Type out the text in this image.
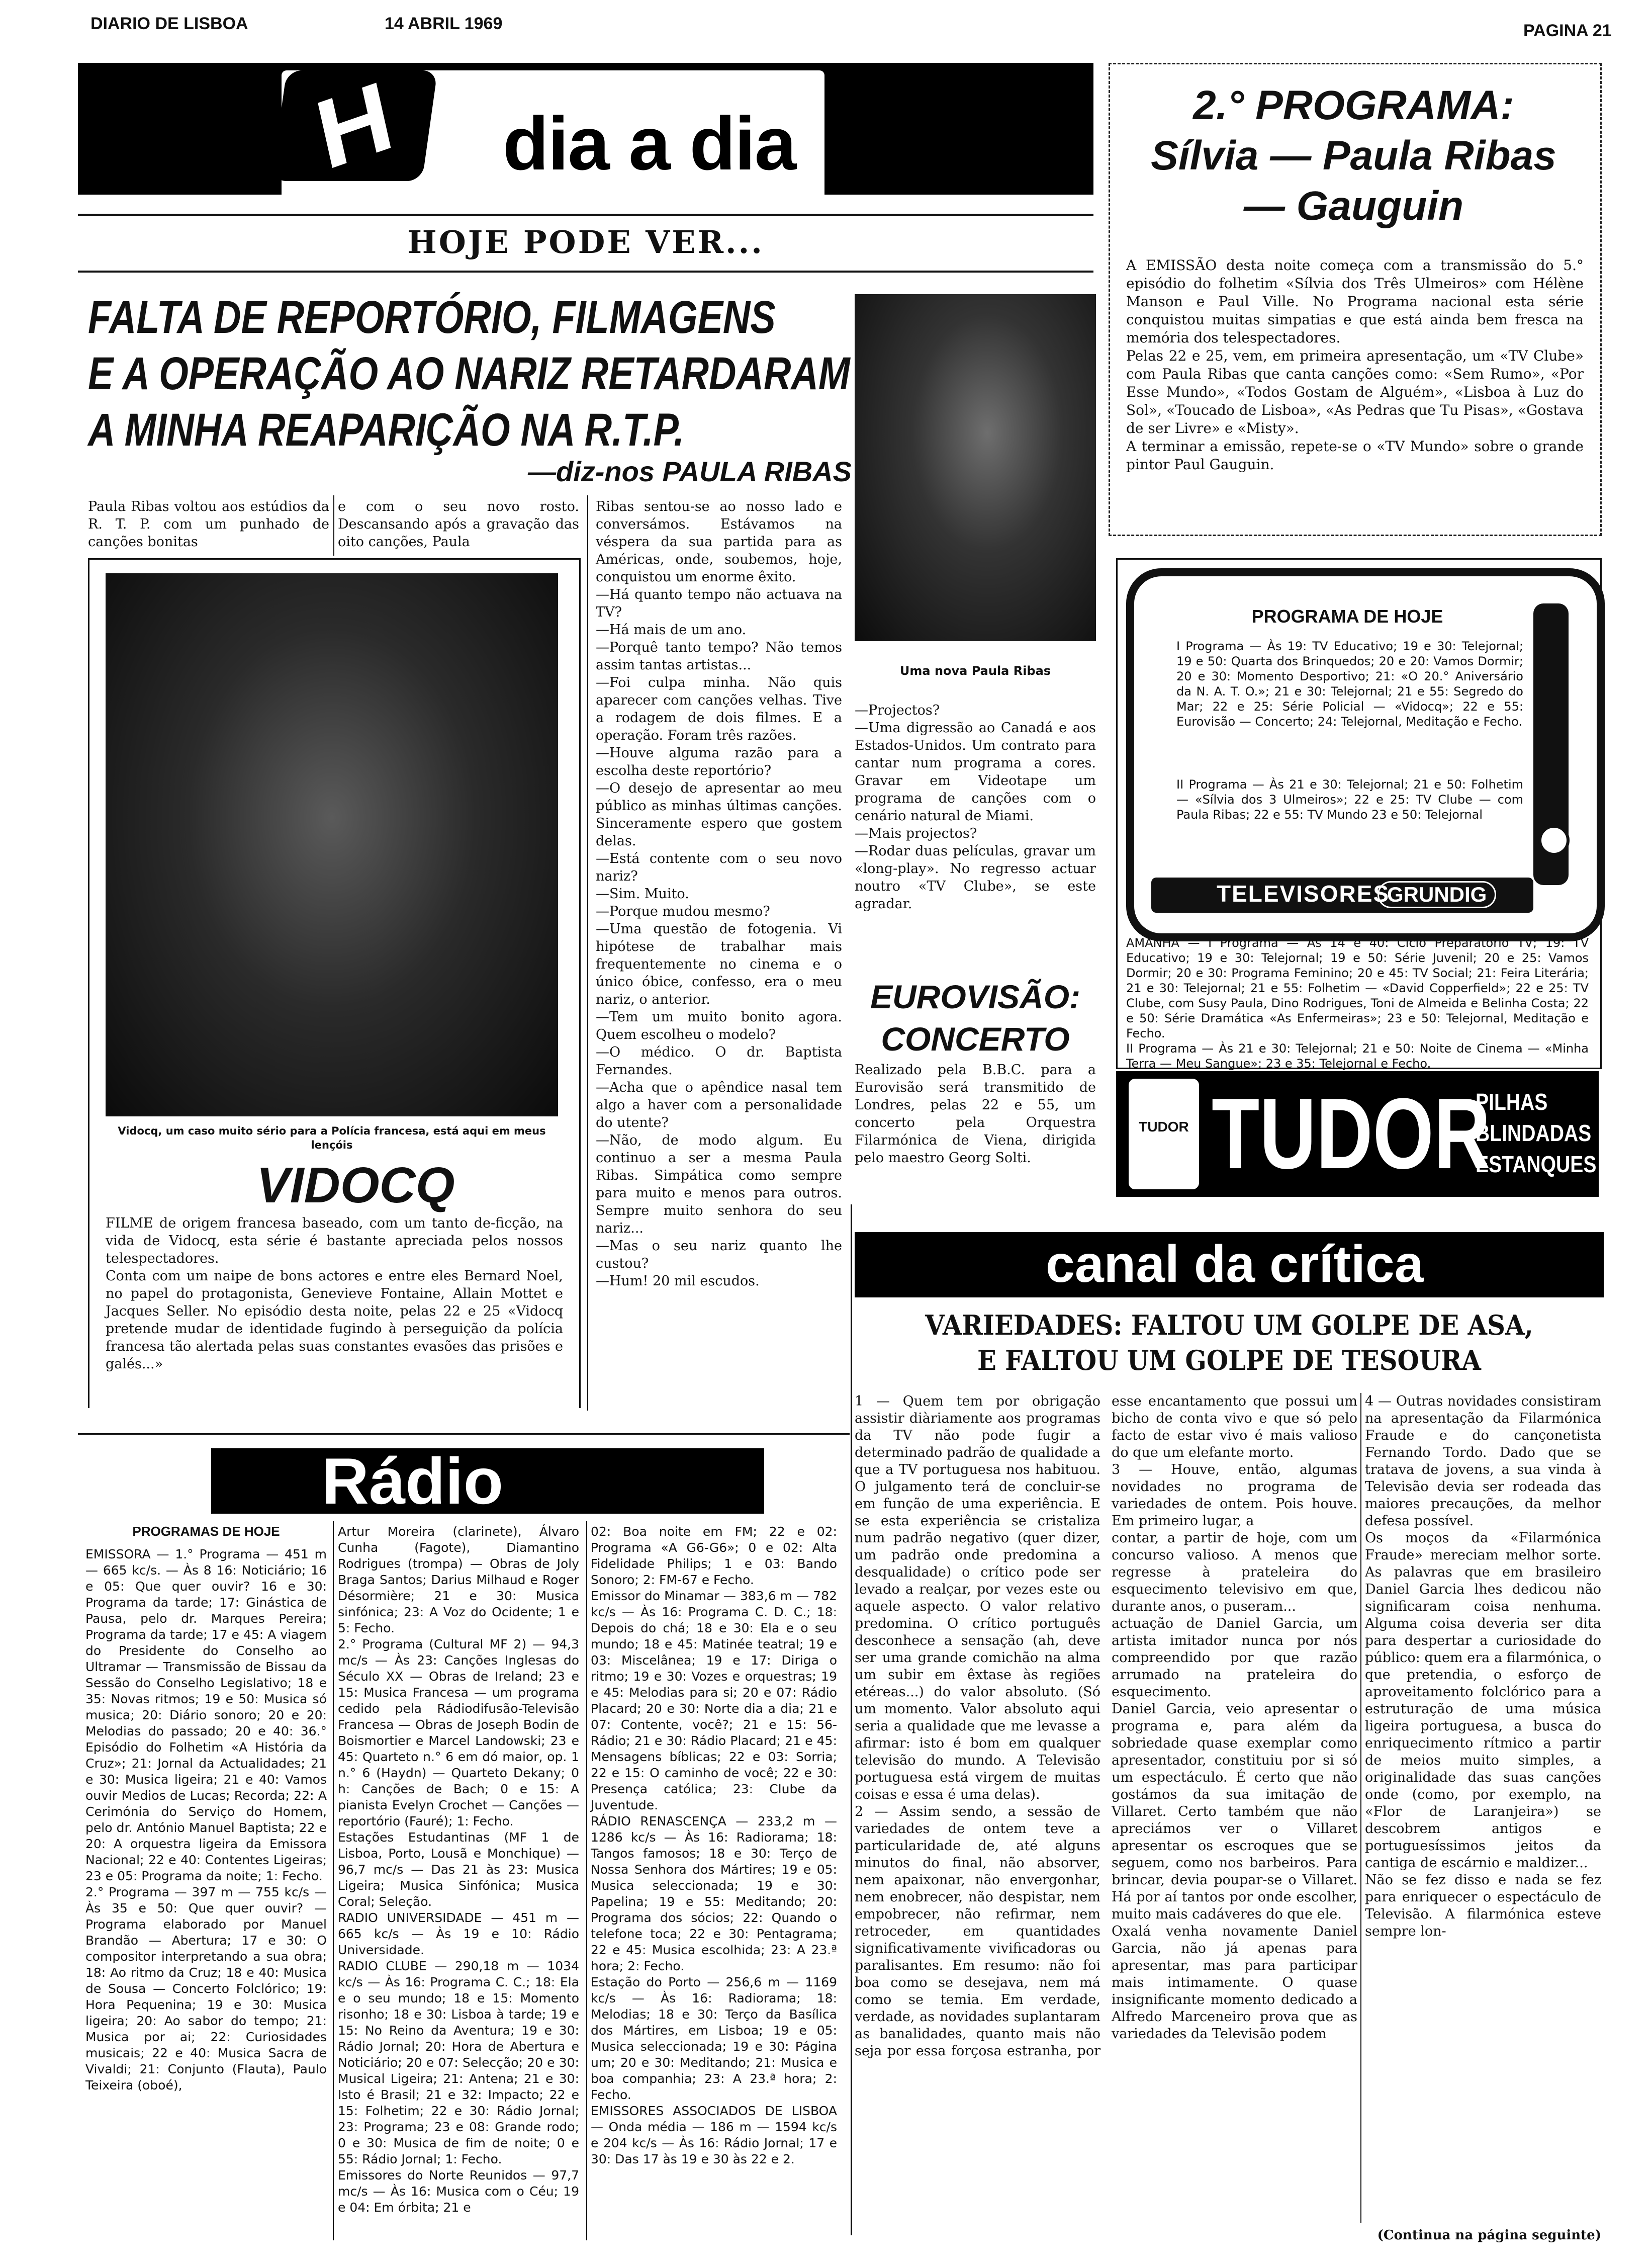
DIARIO DE LISBOA	14 ABRIL 1969	PAGINA 21
H	dia a dia
HOJE PODE VER...
FALTA DE REPORTÓRIO, FILMAGENS
E A OPERAÇÃO AO NARIZ RETARDARAM
A MINHA REAPARIÇÃO NA R.T.P.
—diz-nos PAULA RIBAS
Paula Ribas voltou aos estúdios da R. T. P. com um punhado de canções bonitas
e com o seu novo rosto. Descansando após a gravação das oito canções, Paula
Vidocq, um caso muito sério para a Polícia francesa, está aqui em meus lençóis
VIDOCQ
FILME de origem francesa baseado, com um tanto de-ficção, na vida de Vidocq, esta série é bastante apreciada pelos nossos telespectadores.
Conta com um naipe de bons actores e entre eles Bernard Noel, no papel do protagonista, Genevieve Fontaine, Allain Mottet e Jacques Seller. No episódio desta noite, pelas 22 e 25 «Vidocq pretende mudar de identidade fugindo à perseguição da polícia francesa tão alertada pelas suas constantes evasões das prisões e galés...»
Ribas sentou-se ao nosso lado e conversámos. Estávamos na véspera da sua partida para as Américas, onde, soubemos, hoje, conquistou um enorme êxito.
—Há quanto tempo não actuava na TV?
—Há mais de um ano.
—Porquê tanto tempo? Não temos assim tantas artistas...
—Foi culpa minha. Não quis aparecer com canções velhas. Tive a rodagem de dois filmes. E a operação. Foram três razões.
—Houve alguma razão para a escolha deste reportório?
—O desejo de apresentar ao meu público as minhas últimas canções. Sinceramente espero que gostem delas.
—Está contente com o seu novo nariz?
—Sim. Muito.
—Porque mudou mesmo?
—Uma questão de fotogenia. Vi hipótese de trabalhar mais frequentemente no cinema e o único óbice, confesso, era o meu nariz, o anterior.
—Tem um muito bonito agora. Quem escolheu o modelo?
—O médico. O dr. Baptista Fernandes.
—Acha que o apêndice nasal tem algo a haver com a personalidade do utente?
—Não, de modo algum. Eu continuo a ser a mesma Paula Ribas. Simpática como sempre para muito e menos para outros. Sempre muito senhora do seu nariz...
—Mas o seu nariz quanto lhe custou?
—Hum! 20 mil escudos.
Uma nova Paula Ribas
—Projectos?
—Uma digressão ao Canadá e aos Estados-Unidos. Um contrato para cantar num programa a cores. Gravar em Videotape um programa de canções com o cenário natural de Miami.
—Mais projectos?
—Rodar duas películas, gravar um «long-play». No regresso actuar noutro «TV Clube», se este agradar.
EUROVISÃO:
CONCERTO
Realizado pela B.B.C. para a Eurovisão será transmitido de Londres, pelas 22 e 55, um concerto pela Orquestra Filarmónica de Viena, dirigida pelo maestro Georg Solti.
2.° PROGRAMA:
Sílvia — Paula Ribas
— Gauguin
A EMISSÃO desta noite começa com a transmissão do 5.° episódio do folhetim «Sílvia dos Três Ulmeiros» com Hélène Manson e Paul Ville. No Programa nacional esta série conquistou muitas simpatias e que está ainda bem fresca na memória dos telespectadores.
Pelas 22 e 25, vem, em primeira apresentação, um «TV Clube» com Paula Ribas que canta canções como: «Sem Rumo», «Por Esse Mundo», «Todos Gostam de Alguém», «Lisboa à Luz do Sol», «Toucado de Lisboa», «As Pedras que Tu Pisas», «Gostava de ser Livre» e «Misty».
A terminar a emissão, repete-se o «TV Mundo» sobre o grande pintor Paul Gauguin.
PROGRAMA DE HOJE
I Programa — Às 19: TV Educativo; 19 e 30: Telejornal; 19 e 50: Quarta dos Brinquedos; 20 e 20: Vamos Dormir; 20 e 30: Momento Desportivo; 21: «O 20.° Aniversário da N. A. T. O.»; 21 e 30: Telejornal; 21 e 55: Segredo do Mar; 22 e 25: Série Policial — «Vidocq»; 22 e 55: Eurovisão — Concerto; 24: Telejornal, Meditação e Fecho.
II Programa — Às 21 e 30: Telejornal; 21 e 50: Folhetim — «Sílvia dos 3 Ulmeiros»; 22 e 25: TV Clube — com Paula Ribas; 22 e 55: TV Mundo 23 e 50: Telejornal
TELEVISORES
GRUNDIG
AMANHÃ — I Programa — Às 14 e 40: Ciclo Preparatório TV; 19: TV Educativo; 19 e 30: Telejornal; 19 e 50: Série Juvenil; 20 e 25: Vamos Dormir; 20 e 30: Programa Feminino; 20 e 45: TV Social; 21: Feira Literária; 21 e 30: Telejornal; 21 e 55: Folhetim — «David Copperfield»; 22 e 25: TV Clube, com Susy Paula, Dino Rodrigues, Toni de Almeida e Belinha Costa; 22 e 50: Série Dramática «As Enfermeiras»; 23 e 50: Telejornal, Meditação e Fecho.
II Programa — Às 21 e 30: Telejornal; 21 e 50: Noite de Cinema — «Minha Terra — Meu Sangue»; 23 e 35: Telejornal e Fecho.
TUDOR TUDOR
PILHAS
BLINDADAS
ESTANQUES
canal da crítica
VARIEDADES: FALTOU UM GOLPE DE ASA,
E FALTOU UM GOLPE DE TESOURA
1 — Quem tem por obrigação assistir diàriamente aos programas da TV não pode fugir a determinado padrão de qualidade a que a TV portuguesa nos habituou. O julgamento terá de concluir-se em função de uma experiência. E se esta experiência se cristaliza num padrão negativo (quer dizer, um padrão onde predomina a desqualidade) o crítico pode ser levado a realçar, por vezes este ou aquele aspecto. O valor relativo predomina. O crítico português desconhece a sensação (ah, deve ser uma grande comichão na alma um subir em êxtase às regiões etéreas...) do valor absoluto. (Só um momento. Valor absoluto aqui seria a qualidade que me levasse a afirmar: isto é bom em qualquer televisão do mundo. A Televisão portuguesa está virgem de muitas coisas e essa é uma delas).
2 — Assim sendo, a sessão de variedades de ontem teve a particularidade de, até alguns minutos do final, não absorver, nem apaixonar, não envergonhar, nem enobrecer, não despistar, nem empobrecer, não refirmar, nem retroceder, em quantidades significativamente vivificadoras ou paralisantes. Em resumo: não foi boa como se desejava, nem má como se temia. Em verdade, verdade, as novidades suplantaram as banalidades, quanto mais não seja por essa forçosa estranha, por esse encantamento que possui um bicho de conta vivo e que só pelo facto de estar vivo é mais valioso do que um elefante morto.
3 — Houve, então, algumas novidades no programa de variedades de ontem. Pois houve. Em primeiro lugar, a
contar, a partir de hoje, com um concurso valioso. A menos que regresse à prateleira do esquecimento televisivo em que, durante anos, o puseram...
actuação de Daniel Garcia, um artista imitador nunca por nós compreendido por que razão arrumado na prateleira do esquecimento.
Daniel Garcia, veio apresentar o programa e, para além da sobriedade quase exemplar como apresentador, constituiu por si só um espectáculo. É certo que não gostámos da sua imitação de Villaret. Certo também que não apreciámos ver o Villaret apresentar os escroques que se seguem, como nos barbeiros. Para brincar, devia poupar-se o Villaret. Há por aí tantos por onde escolher, muito mais cadáveres do que ele.
Oxalá venha novamente Daniel Garcia, não já apenas para apresentar, mas para participar mais intimamente. O quase insignificante momento dedicado a Alfredo Marceneiro prova que as variedades da Televisão podem
4 — Outras novidades consistiram na apresentação da Filarmónica Fraude e do cançonetista Fernando Tordo. Dado que se tratava de jovens, a sua vinda à Televisão devia ser rodeada das maiores precauções, da melhor defesa possível.
Os moços da «Filarmónica Fraude» mereciam melhor sorte. As palavras que em brasileiro Daniel Garcia lhes dedicou não significaram coisa nenhuma. Alguma coisa deveria ser dita para despertar a curiosidade do público: quem era a filarmónica, o que pretendia, o esforço de aproveitamento folclórico para a estruturação de uma música ligeira portuguesa, a busca do enriquecimento rítmico a partir de meios muito simples, a originalidade das suas canções onde (como, por exemplo, na «Flor de Laranjeira») se descobrem antigos e portuguesíssimos jeitos da cantiga de escárnio e maldizer...
Não se fez disso e nada se fez para enriquecer o espectáculo de Televisão. A filarmónica esteve sempre lon-
(Continua na página seguinte)
Rádio
PROGRAMAS DE HOJE
EMISSORA — 1.° Programa — 451 m — 665 kc/s. — Às 8 16: Noticiário; 16 e 05: Que quer ouvir? 16 e 30: Programa da tarde; 17: Ginástica de Pausa, pelo dr. Marques Pereira; Programa da tarde; 17 e 45: A viagem do Presidente do Conselho ao Ultramar — Transmissão de Bissau da Sessão do Conselho Legislativo; 18 e 35: Novas ritmos; 19 e 50: Musica só musica; 20: Diário sonoro; 20 e 20: Melodias do passado; 20 e 40: 36.° Episódio do Folhetim «A História da Cruz»; 21: Jornal da Actualidades; 21 e 30: Musica ligeira; 21 e 40: Vamos ouvir Medios de Lucas; Recorda; 22: A Cerimónia do Serviço do Homem, pelo dr. António Manuel Baptista; 22 e 20: A orquestra ligeira da Emissora Nacional; 22 e 40: Contentes Ligeiras; 23 e 05: Programa da noite; 1: Fecho.
2.° Programa — 397 m — 755 kc/s — Às 35 e 50: Que quer ouvir? — Programa elaborado por Manuel Brandão — Abertura; 17 e 30: O compositor interpretando a sua obra; 18: Ao ritmo da Cruz; 18 e 40: Musica de Sousa — Concerto Folclórico; 19: Hora Pequenina; 19 e 30: Musica ligeira; 20: Ao sabor do tempo; 21: Musica por ai; 22: Curiosidades musicais; 22 e 40: Musica Sacra de Vivaldi; 21: Conjunto (Flauta), Paulo Teixeira (oboé),
Artur Moreira (clarinete), Álvaro Cunha (Fagote), Diamantino Rodrigues (trompa) — Obras de Joly Braga Santos; Darius Milhaud e Roger Désormière; 21 e 30: Musica sinfónica; 23: A Voz do Ocidente; 1 e 5: Fecho.
2.° Programa (Cultural MF 2) — 94,3 mc/s — Às 23: Canções Inglesas do Século XX — Obras de Ireland; 23 e 15: Musica Francesa — um programa cedido pela Rádiodifusão-Televisão Francesa — Obras de Joseph Bodin de Boismortier e Marcel Landowski; 23 e 45: Quarteto n.° 6 em dó maior, op. 1 n.° 6 (Haydn) — Quarteto Dekany; 0 h: Canções de Bach; 0 e 15: A pianista Evelyn Crochet — Canções — reportório (Fauré); 1: Fecho.
Estações Estudantinas (MF 1 de Lisboa, Porto, Lousã e Monchique) — 96,7 mc/s — Das 21 às 23: Musica Ligeira; Musica Sinfónica; Musica Coral; Seleção.
RADIO UNIVERSIDADE — 451 m — 665 kc/s — Às 19 e 10: Rádio Universidade.
RADIO CLUBE — 290,18 m — 1034 kc/s — Às 16: Programa C. C.; 18: Ela e o seu mundo; 18 e 15: Momento risonho; 18 e 30: Lisboa à tarde; 19 e 15: No Reino da Aventura; 19 e 30: Rádio Jornal; 20: Hora de Abertura e Noticiário; 20 e 07: Selecção; 20 e 30: Musical Ligeira; 21: Antena; 21 e 30: Isto é Brasil; 21 e 32: Impacto; 22 e 15: Folhetim; 22 e 30: Rádio Jornal; 23: Programa; 23 e 08: Grande rodo; 0 e 30: Musica de fim de noite; 0 e 55: Rádio Jornal; 1: Fecho.
Emissores do Norte Reunidos — 97,7 mc/s — Às 16: Musica com o Céu; 19 e 04: Em órbita; 21 e
02: Boa noite em FM; 22 e 02: Programa «A G6-G6»; 0 e 02: Alta Fidelidade Philips; 1 e 03: Bando Sonoro; 2: FM-67 e Fecho.
Emissor do Minamar — 383,6 m — 782 kc/s — Às 16: Programa C. D. C.; 18: Depois do chá; 18 e 30: Ela e o seu mundo; 18 e 45: Matinée teatral; 19 e 03: Miscelânea; 19 e 17: Diriga o ritmo; 19 e 30: Vozes e orquestras; 19 e 45: Melodias para si; 20 e 07: Rádio Placard; 20 e 30: Norte dia a dia; 21 e 07: Contente, você?; 21 e 15: 56-Rádio; 21 e 30: Rádio Placard; 21 e 45: Mensagens bíblicas; 22 e 03: Sorria; 22 e 15: O caminho de você; 22 e 30: Presença católica; 23: Clube da Juventude.
RÁDIO RENASCENÇA — 233,2 m — 1286 kc/s — Às 16: Radiorama; 18: Tangos famosos; 18 e 30: Terço de Nossa Senhora dos Mártires; 19 e 05: Musica seleccionada; 19 e 30: Papelina; 19 e 55: Meditando; 20: Programa dos sócios; 22: Quando o telefone toca; 22 e 30: Pentagrama; 22 e 45: Musica escolhida; 23: A 23.ª hora; 2: Fecho.
Estação do Porto — 256,6 m — 1169 kc/s — Às 16: Radiorama; 18: Melodias; 18 e 30: Terço da Basílica dos Mártires, em Lisboa; 19 e 05: Musica seleccionada; 19 e 30: Página um; 20 e 30: Meditando; 21: Musica e boa companhia; 23: A 23.ª hora; 2: Fecho.
EMISSORES ASSOCIADOS DE LISBOA — Onda média — 186 m — 1594 kc/s e 204 kc/s — Às 16: Rádio Jornal; 17 e 30: Das 17 às 19 e 30 às 22 e 2.
